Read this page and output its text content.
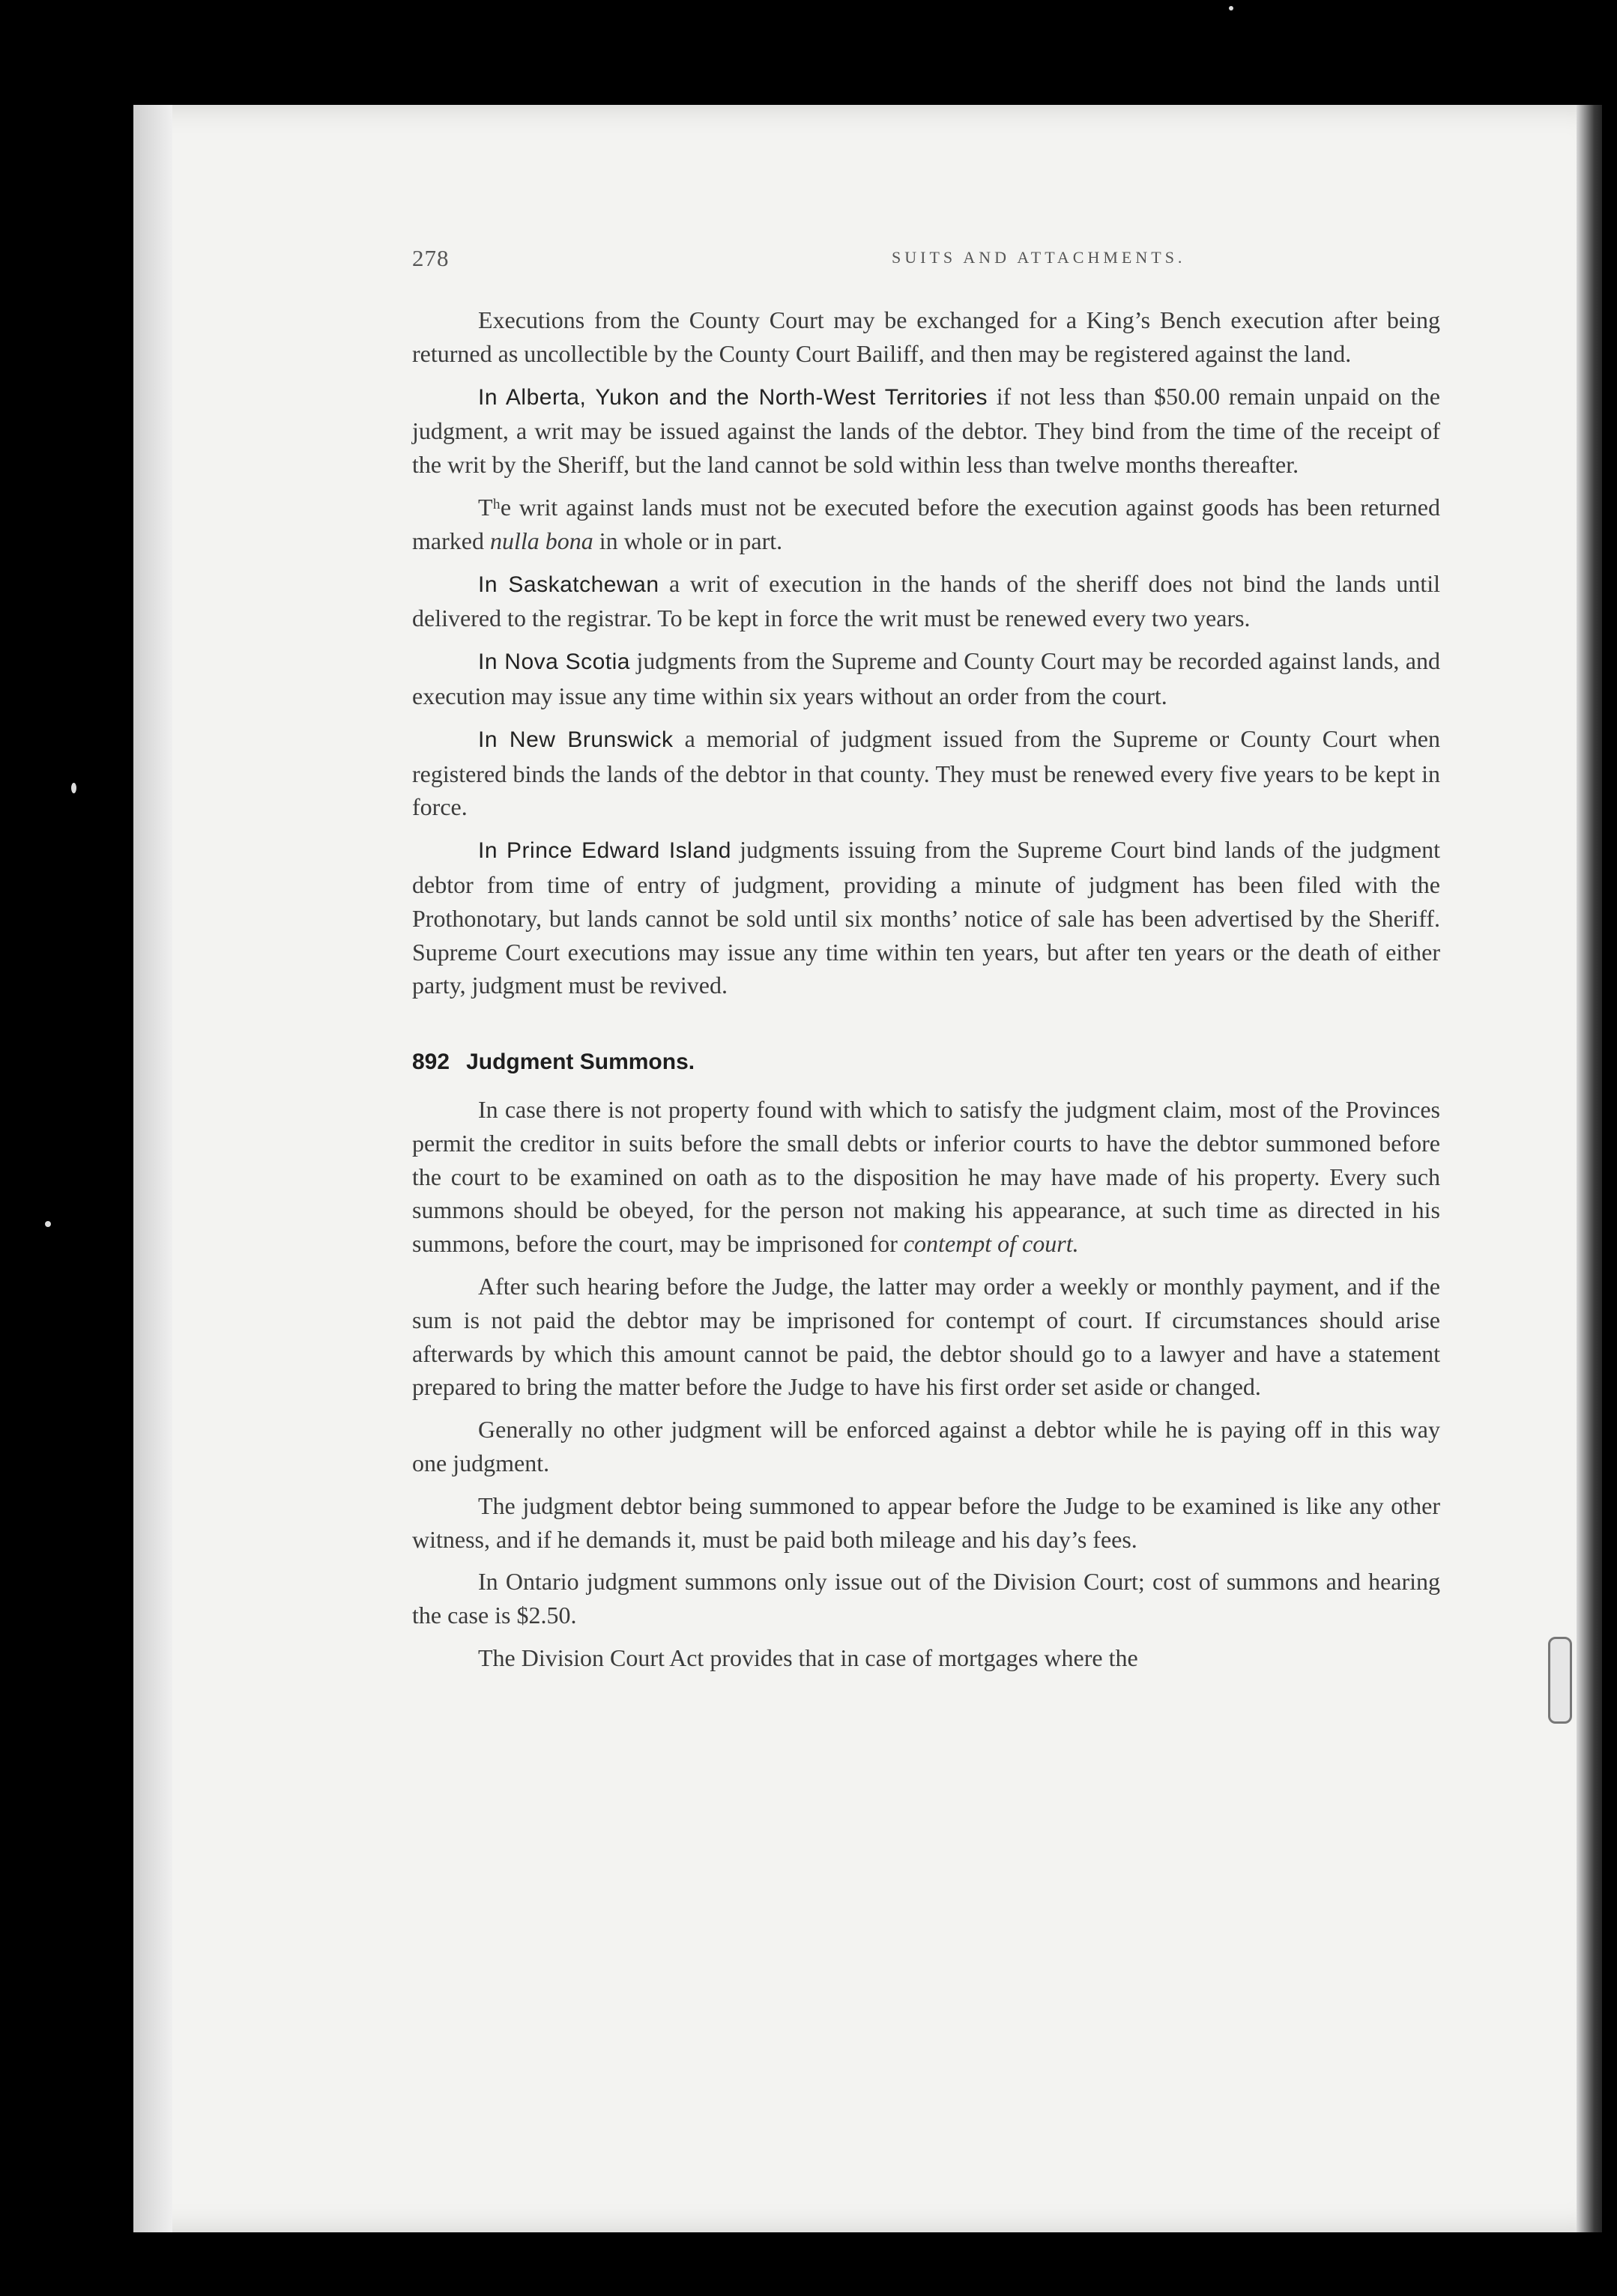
278	SUITS AND ATTACHMENTS.

Executions from the County Court may be exchanged for a King’s Bench execution after being returned as uncollectible by the County Court Bailiff, and then may be registered against the land.

In Alberta, Yukon and the North-West Territories if not less than $50.00 remain unpaid on the judgment, a writ may be issued against the lands of the debtor. They bind from the time of the receipt of the writ by the Sheriff, but the land cannot be sold within less than twelve months thereafter.

Tʰe writ against lands must not be executed before the execution against goods has been returned marked nulla bona in whole or in part.

In Saskatchewan a writ of execution in the hands of the sheriff does not bind the lands until delivered to the registrar. To be kept in force the writ must be renewed every two years.

In Nova Scotia judgments from the Supreme and County Court may be recorded against lands, and execution may issue any time within six years without an order from the court.

In New Brunswick a memorial of judgment issued from the Supreme or County Court when registered binds the lands of the debtor in that county. They must be renewed every five years to be kept in force.

In Prince Edward Island judgments issuing from the Supreme Court bind lands of the judgment debtor from time of entry of judgment, providing a minute of judgment has been filed with the Prothonotary, but lands cannot be sold until six months’ notice of sale has been advertised by the Sheriff. Supreme Court executions may issue any time within ten years, but after ten years or the death of either party, judgment must be revived.

892 Judgment Summons.

In case there is not property found with which to satisfy the judgment claim, most of the Provinces permit the creditor in suits before the small debts or inferior courts to have the debtor summoned before the court to be examined on oath as to the disposition he may have made of his property. Every such summons should be obeyed, for the person not making his appearance, at such time as directed in his summons, before the court, may be imprisoned for contempt of court.

After such hearing before the Judge, the latter may order a weekly or monthly payment, and if the sum is not paid the debtor may be imprisoned for contempt of court. If circumstances should arise afterwards by which this amount cannot be paid, the debtor should go to a lawyer and have a statement prepared to bring the matter before the Judge to have his first order set aside or changed.

Generally no other judgment will be enforced against a debtor while he is paying off in this way one judgment.

The judgment debtor being summoned to appear before the Judge to be examined is like any other witness, and if he demands it, must be paid both mileage and his day’s fees.

In Ontario judgment summons only issue out of the Division Court; cost of summons and hearing the case is $2.50.

The Division Court Act provides that in case of mortgages where the
